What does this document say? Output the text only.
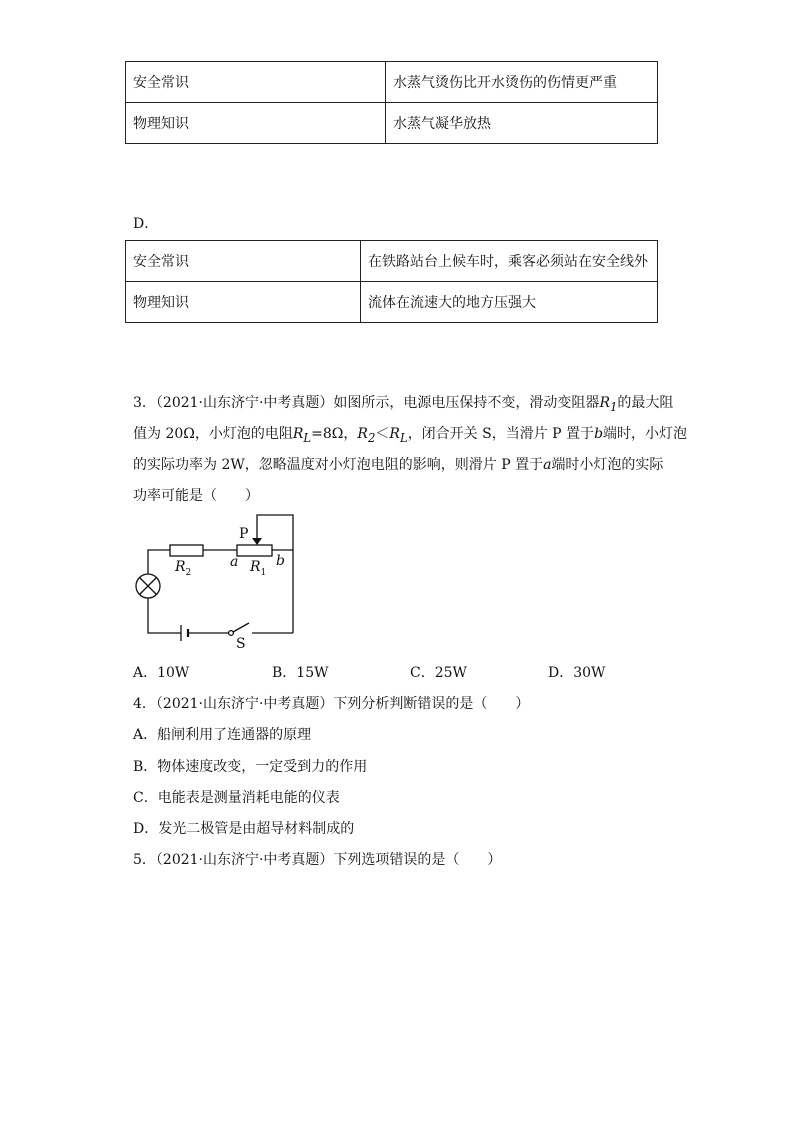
安全常识	水蒸气烫伤比开水烫伤的伤情更严重
物理知识	水蒸气凝华放热
D．
安全常识	在铁路站台上候车时，乘客必须站在安全线外
物理知识	流体在流速大的地方压强大
3．（2021·山东济宁·中考真题）如图所示，电源电压保持不变，滑动变阻器$R_1$的最大阻
值为 20Ω，小灯泡的电阻$R_L=8\Omega$，$R_2<R_L$，闭合开关 S，当滑片 P 置于b端时，小灯泡
的实际功率为 2W，忽略温度对小灯泡电阻的影响，则滑片 P 置于a端时小灯泡的实际
功率可能是（　　）
P
a	b
$R_1$
$R_2$
S
A．10W	B．15W	C．25W	D．30W
4．（2021·山东济宁·中考真题）下列分析判断错误的是（　　）
A．船闸利用了连通器的原理
B．物体速度改变，一定受到力的作用
C．电能表是测量消耗电能的仪表
D．发光二极管是由超导材料制成的
5．（2021·山东济宁·中考真题）下列选项错误的是（　　）
